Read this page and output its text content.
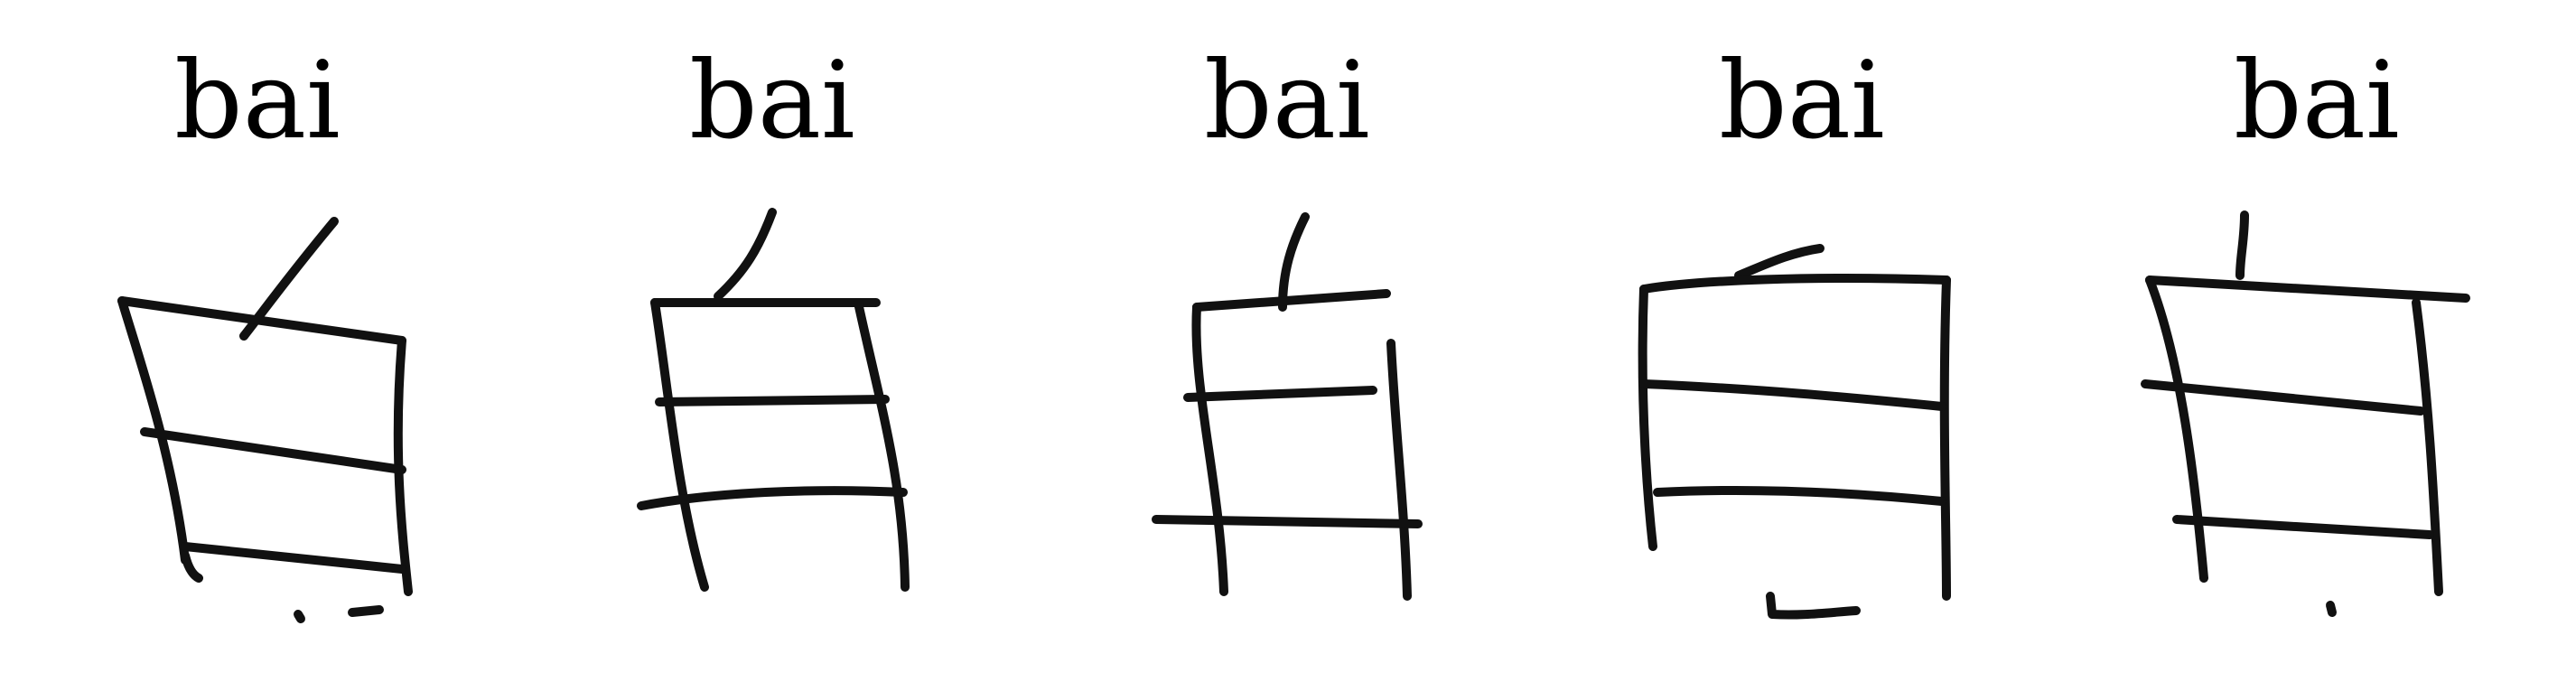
bai	bai	bai	bai	bai
